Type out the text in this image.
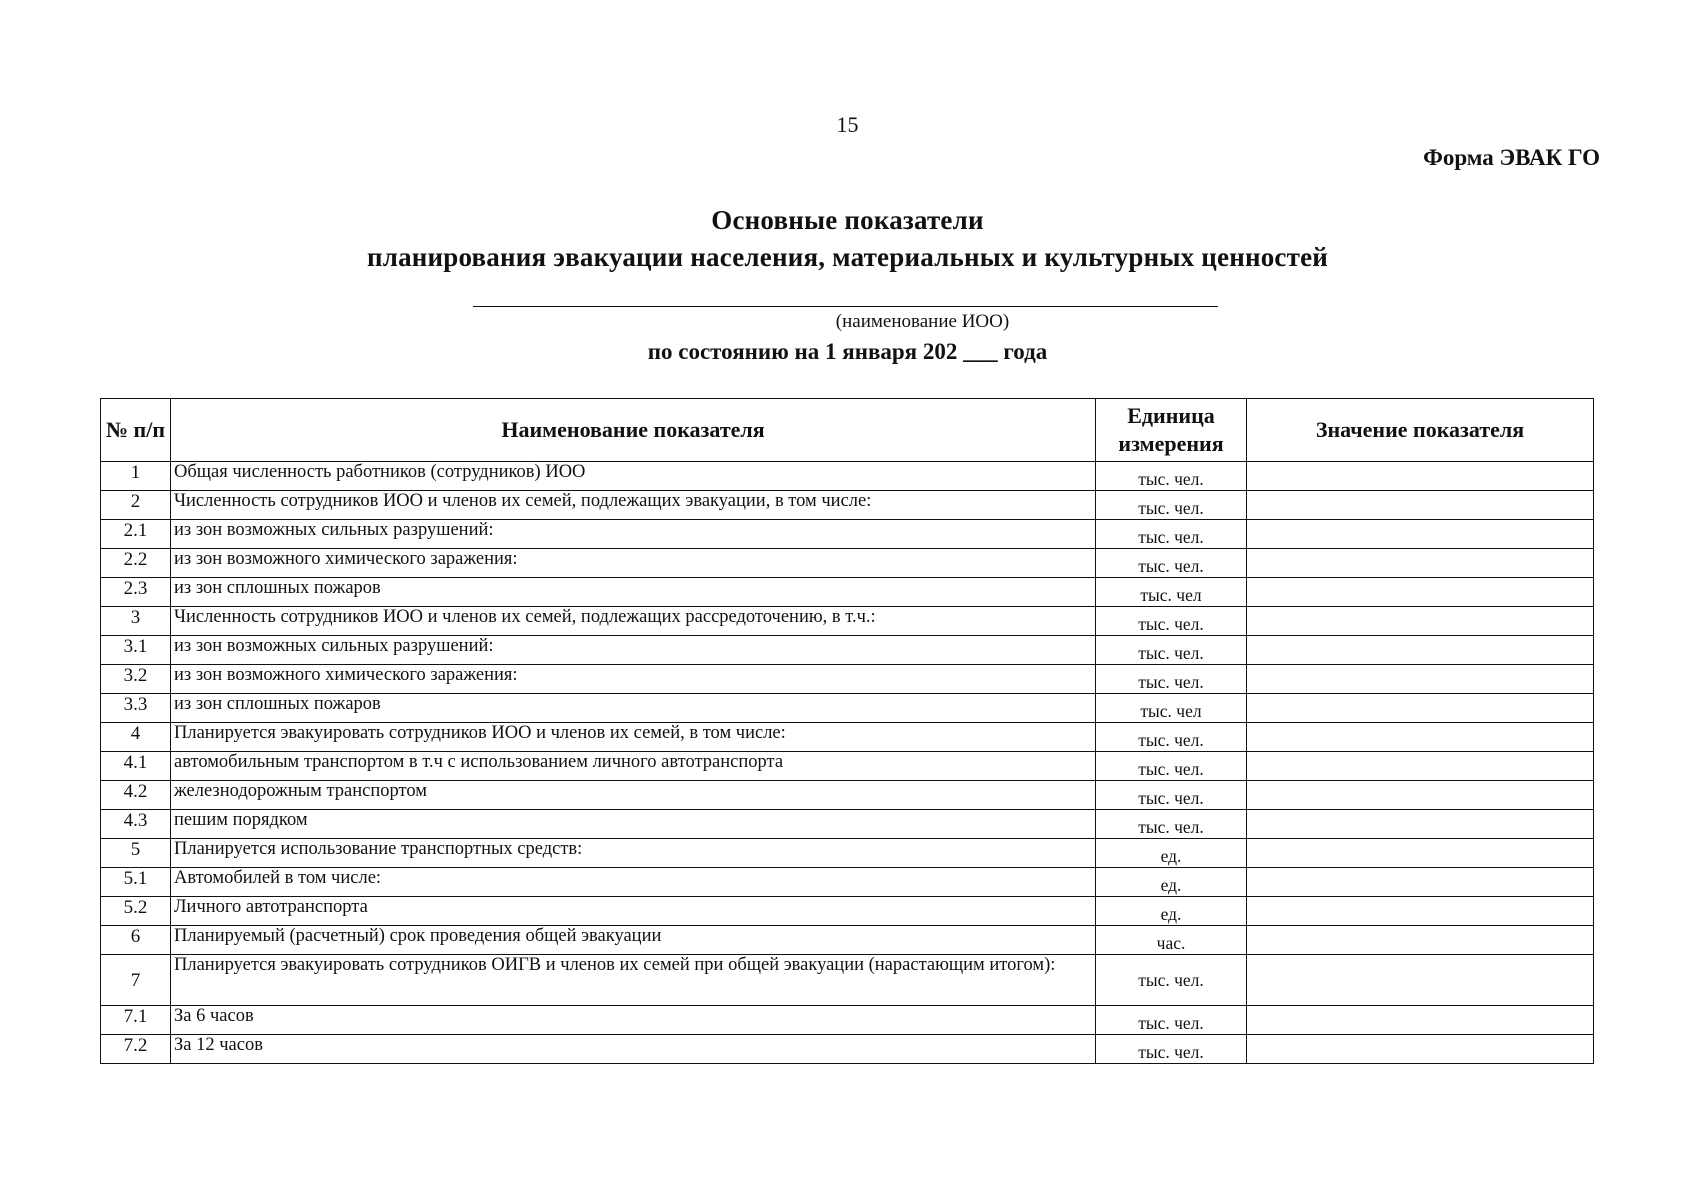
15
Форма ЭВАК ГО
Основные показатели
планирования эвакуации населения, материальных и культурных ценностей
(наименование ИОО)
по состоянию на 1 января 202 ___ года
№ п/п	Наименование показателя	Единица измерения	Значение показателя
1	Общая численность работников (сотрудников) ИОО	тыс. чел.	
2	Численность сотрудников ИОО и членов их семей, подлежащих эвакуации, в том числе:	тыс. чел.	
2.1	из зон возможных сильных разрушений:	тыс. чел.	
2.2	из зон возможного химического заражения:	тыс. чел.	
2.3	из зон сплошных пожаров	тыс. чел	
3	Численность сотрудников ИОО и членов их семей, подлежащих рассредоточению, в т.ч.:	тыс. чел.	
3.1	из зон возможных сильных разрушений:	тыс. чел.	
3.2	из зон возможного химического заражения:	тыс. чел.	
3.3	из зон сплошных пожаров	тыс. чел	
4	Планируется эвакуировать сотрудников ИОО и членов их семей, в том числе:	тыс. чел.	
4.1	автомобильным транспортом в т.ч с использованием личного автотранспорта	тыс. чел.	
4.2	железнодорожным транспортом	тыс. чел.	
4.3	пешим порядком	тыс. чел.	
5	Планируется использование транспортных средств:	ед.	
5.1	Автомобилей в том числе:	ед.	
5.2	Личного автотранспорта	ед.	
6	Планируемый (расчетный) срок проведения общей эвакуации	час.	
7	Планируется эвакуировать сотрудников ОИГВ и членов их семей при общей эвакуации (нарастающим итогом):	тыс. чел.	
7.1	За 6 часов	тыс. чел.	
7.2	За 12 часов	тыс. чел.	
